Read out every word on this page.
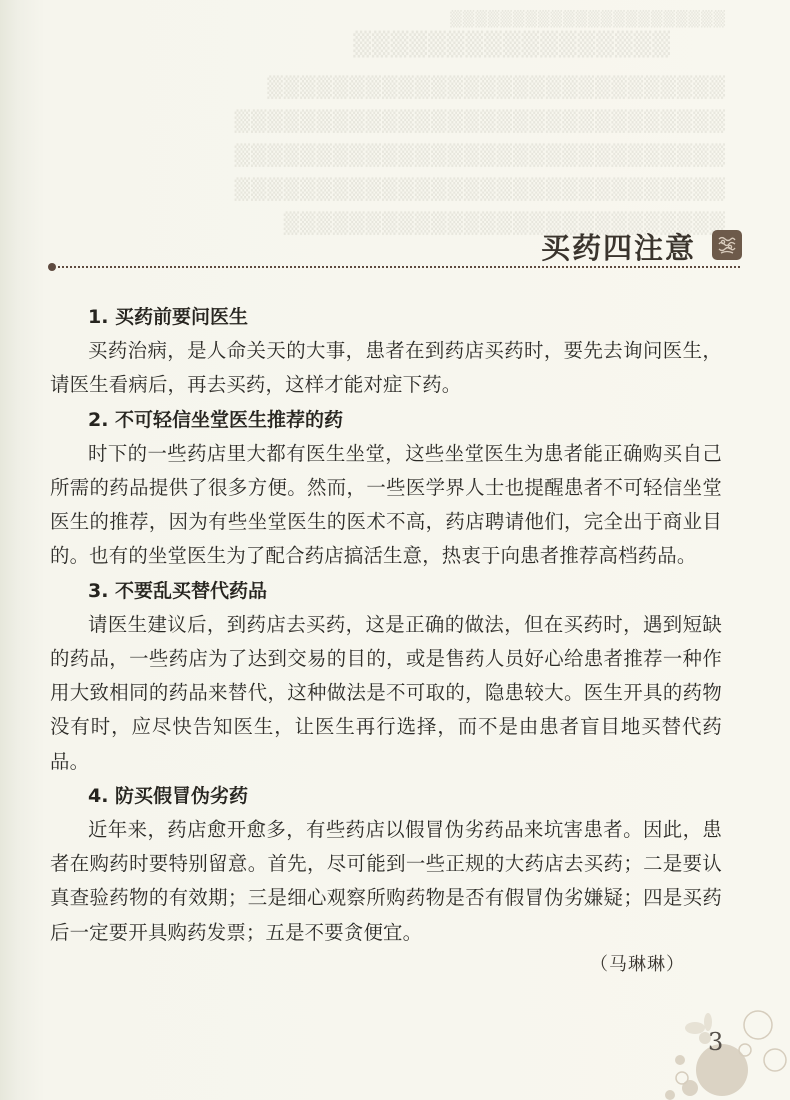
▒▒▒▒▒▒▒▒▒▒▒▒▒▒▒▒▒▒▒▒▒▒
▒▒▒▒▒▒▒▒▒▒▒▒▒▒▒▒▒
▒▒▒▒▒▒▒▒▒▒▒▒▒▒▒▒▒▒▒▒▒▒▒▒▒▒▒▒
▒▒▒▒▒▒▒▒▒▒▒▒▒▒▒▒▒▒▒▒▒▒▒▒▒▒▒▒▒▒
▒▒▒▒▒▒▒▒▒▒▒▒▒▒▒▒▒▒▒▒▒▒▒▒▒▒▒▒▒▒
▒▒▒▒▒▒▒▒▒▒▒▒▒▒▒▒▒▒▒▒▒▒▒▒▒▒▒▒▒▒
▒▒▒▒▒▒▒▒▒▒▒▒▒▒▒▒▒▒▒▒▒▒▒▒▒▒▒
买药四注意

1. 买药前要问医生

买药治病，是人命关天的大事，患者在到药店买药时，要先去询问医生，请医生看病后，再去买药，这样才能对症下药。

2. 不可轻信坐堂医生推荐的药

时下的一些药店里大都有医生坐堂，这些坐堂医生为患者能正确购买自己所需的药品提供了很多方便。然而，一些医学界人士也提醒患者不可轻信坐堂医生的推荐，因为有些坐堂医生的医术不高，药店聘请他们，完全出于商业目的。也有的坐堂医生为了配合药店搞活生意，热衷于向患者推荐高档药品。

3. 不要乱买替代药品

请医生建议后，到药店去买药，这是正确的做法，但在买药时，遇到短缺的药品，一些药店为了达到交易的目的，或是售药人员好心给患者推荐一种作用大致相同的药品来替代，这种做法是不可取的，隐患较大。医生开具的药物没有时，应尽快告知医生，让医生再行选择，而不是由患者盲目地买替代药品。

4. 防买假冒伪劣药

近年来，药店愈开愈多，有些药店以假冒伪劣药品来坑害患者。因此，患者在购药时要特别留意。首先，尽可能到一些正规的大药店去买药；二是要认真查验药物的有效期；三是细心观察所购药物是否有假冒伪劣嫌疑；四是买药后一定要开具购药发票；五是不要贪便宜。

（马琳琳）
3
